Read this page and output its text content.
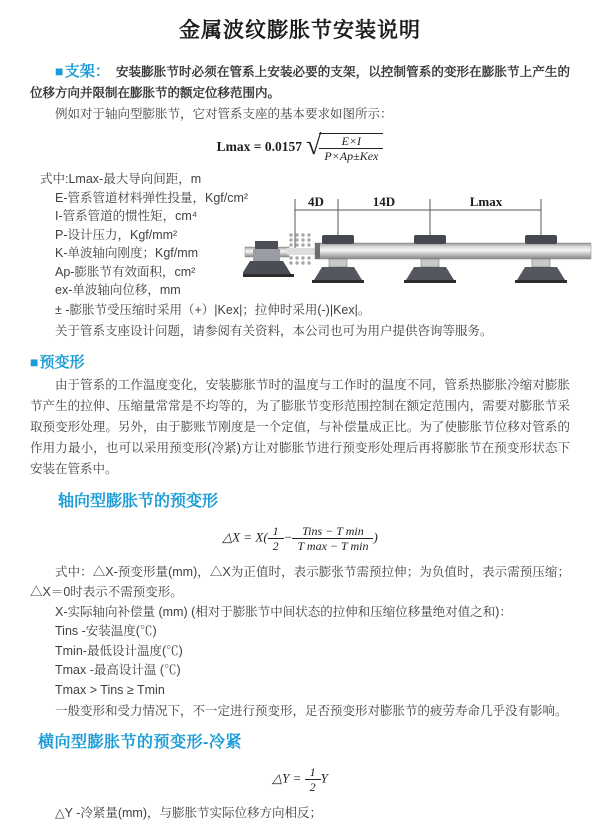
金属波纹膨胀节安装说明

■支架： 安装膨胀节时必须在管系上安装必要的支架，以控制管系的变形在膨胀节上产生的位移方向并限制在膨胀节的额定位移范围内。

例如对于轴向型膨胀节，它对管系支座的基本要求如图所示：

Lmax = 0.0157 √
$\frac{E\times I}{\text{P×Ap±Kex}}$
式中:Lmax-最大导向间距，m
E-管系管道材料弹性投量，Kgf/cm²
I-管系管道的惯性矩，cm⁴
P-设计压力，Kgf/mm²
K-单波轴向刚度；Kgf/mm
Ap-膨胀节有效面积，cm²
ex-单波轴向位移，mm
± -膨胀节受压缩时采用（+）|Kex|；拉伸时采用(-)|Kex|。
关于管系支座设计问题，请参阅有关资料，本公司也可为用户提供咨询等服务。
■预变形

由于管系的工作温度变化，安装膨胀节时的温度与工作时的温度不同，管系热膨胀冷缩对膨胀节产生的拉伸、压缩量常常是不均等的，为了膨胀节变形范围控制在额定范围内，需要对膨胀节采取预变形处理。另外，由于膨账节刚度是一个定值，与补偿量成正比。为了使膨胀节位移对管系的作用力最小，也可以采用预变形(冷紧)方让对膨胀节进行预变形处理后再将膨胀节在预变形状态下安装在管系中。

轴向型膨胀节的预变形
△X = $X( \frac{1}{2} - \frac{\text{Tins − T min}}{\text{T max − T min}}$ )

式中：△X-预变形量(mm)，△X为正值时，表示膨张节需预拉伸；为负值时，表示需预压缩；△X＝0时表示不需预变形。

X-实际轴向补偿量 (mm) (相对于膨胀节中间状态的拉伸和压缩位移量绝对值之和)：
Tins -安装温度(℃)
Tmin-最低设计温度(℃)
Tmax -最高设计温 (℃)
Tmax > Tins ≥ Tmin

一般变形和受力情况下，不一定进行预变形，足否预变形对膨胀节的疲劳寿命几乎没有影响。

横向型膨胀节的预变形-冷紧
△Y = $\frac{1}{2}$ Y
△Y -冷紧量(mm)，与膨胀节实际位移方向相反；
4D	14D	Lmax
